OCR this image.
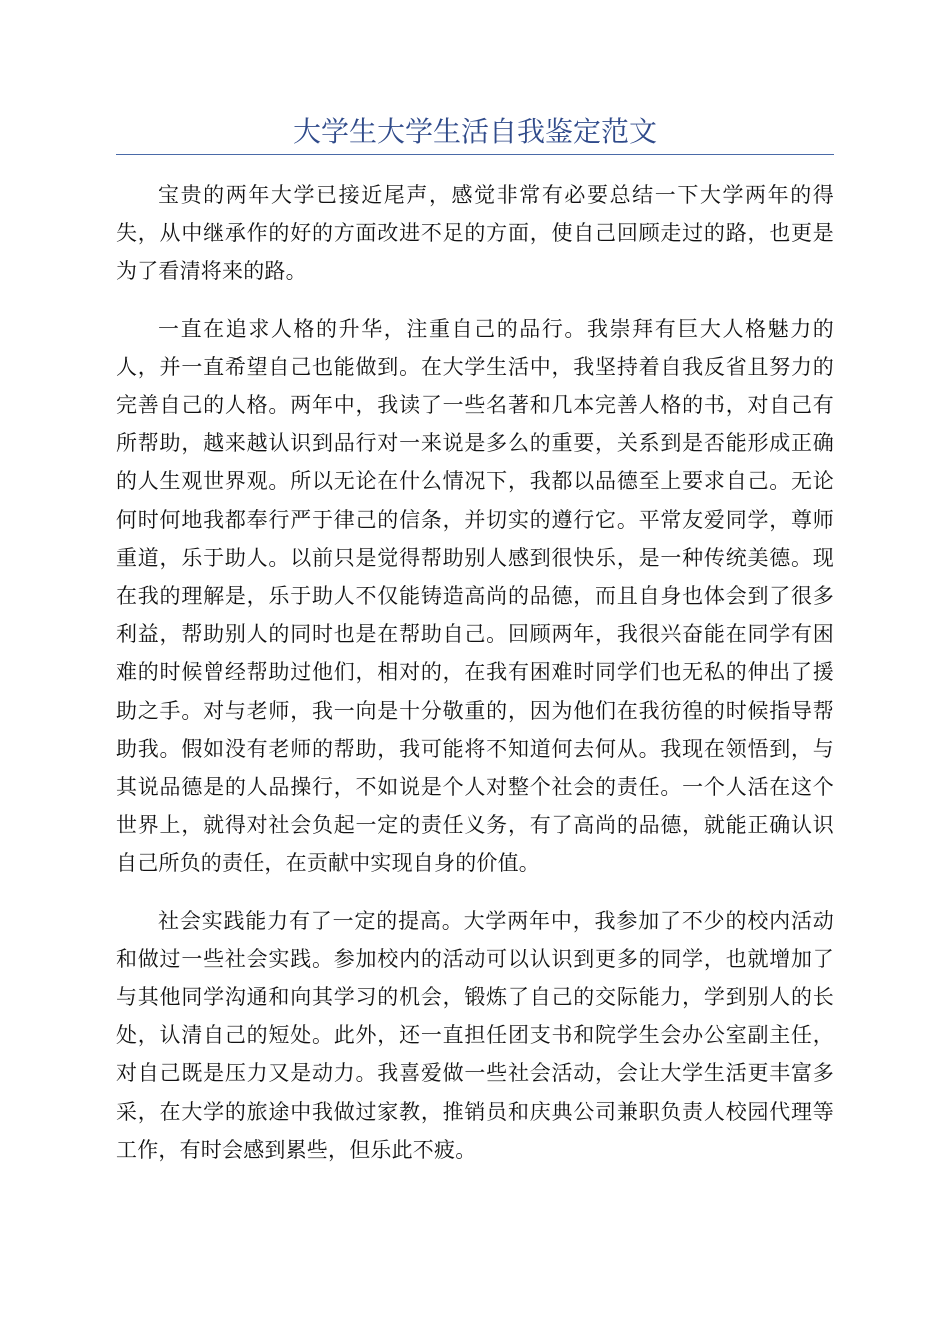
大学生大学生活自我鉴定范文

宝贵的两年大学已接近尾声，感觉非常有必要总结一下大学两年的得失，从中继承作的好的方面改进不足的方面，使自己回顾走过的路，也更是为了看清将来的路。

一直在追求人格的升华，注重自己的品行。我崇拜有巨大人格魅力的人，并一直希望自己也能做到。在大学生活中，我坚持着自我反省且努力的完善自己的人格。两年中，我读了一些名著和几本完善人格的书，对自己有所帮助，越来越认识到品行对一来说是多么的重要，关系到是否能形成正确的人生观世界观。所以无论在什么情况下，我都以品德至上要求自己。无论何时何地我都奉行严于律己的信条，并切实的遵行它。平常友爱同学，尊师重道，乐于助人。以前只是觉得帮助别人感到很快乐，是一种传统美德。现在我的理解是，乐于助人不仅能铸造高尚的品德，而且自身也体会到了很多利益，帮助别人的同时也是在帮助自己。回顾两年，我很兴奋能在同学有困难的时候曾经帮助过他们，相对的，在我有困难时同学们也无私的伸出了援助之手。对与老师，我一向是十分敬重的，因为他们在我彷徨的时候指导帮助我。假如没有老师的帮助，我可能将不知道何去何从。我现在领悟到，与其说品德是的人品操行，不如说是个人对整个社会的责任。一个人活在这个世界上，就得对社会负起一定的责任义务，有了高尚的品德，就能正确认识自己所负的责任，在贡献中实现自身的价值。

社会实践能力有了一定的提高。大学两年中，我参加了不少的校内活动和做过一些社会实践。参加校内的活动可以认识到更多的同学，也就增加了与其他同学沟通和向其学习的机会，锻炼了自己的交际能力，学到别人的长处，认清自己的短处。此外，还一直担任团支书和院学生会办公室副主任，对自己既是压力又是动力。我喜爱做一些社会活动，会让大学生活更丰富多采，在大学的旅途中我做过家教，推销员和庆典公司兼职负责人校园代理等工作，有时会感到累些，但乐此不疲。
